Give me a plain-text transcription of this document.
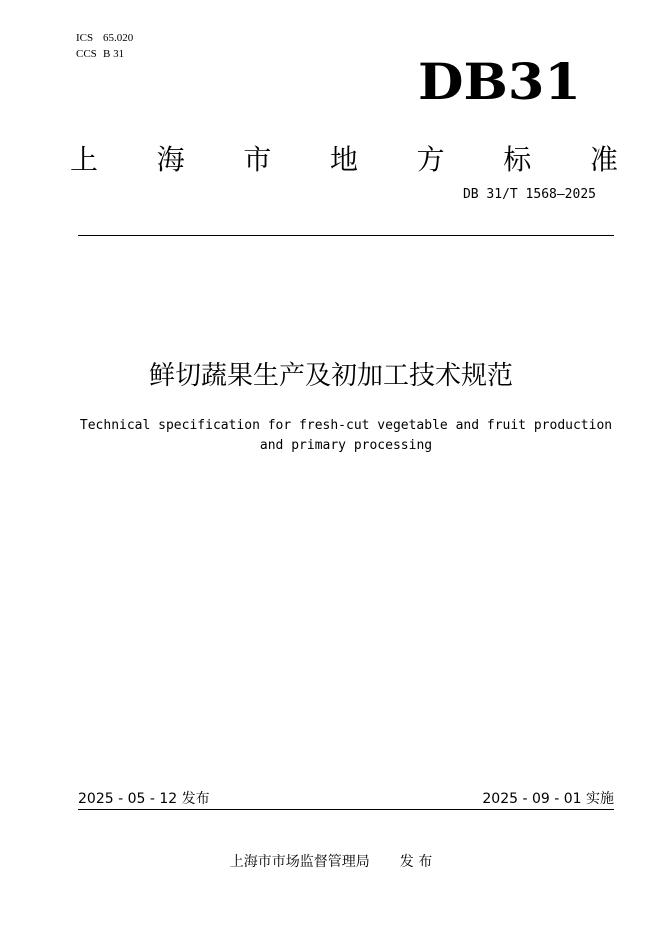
ICS 65.020
CCS B 31	DB31
上 海 市 地 方 标 准
DB 31/T 1568—2025
鲜切蔬果生产及初加工技术规范
Technical specification for fresh-cut vegetable and fruit production and primary processing
2025 - 05 - 12 发布	2025 - 09 - 01 实施
上海市市场监督管理局 发 布
